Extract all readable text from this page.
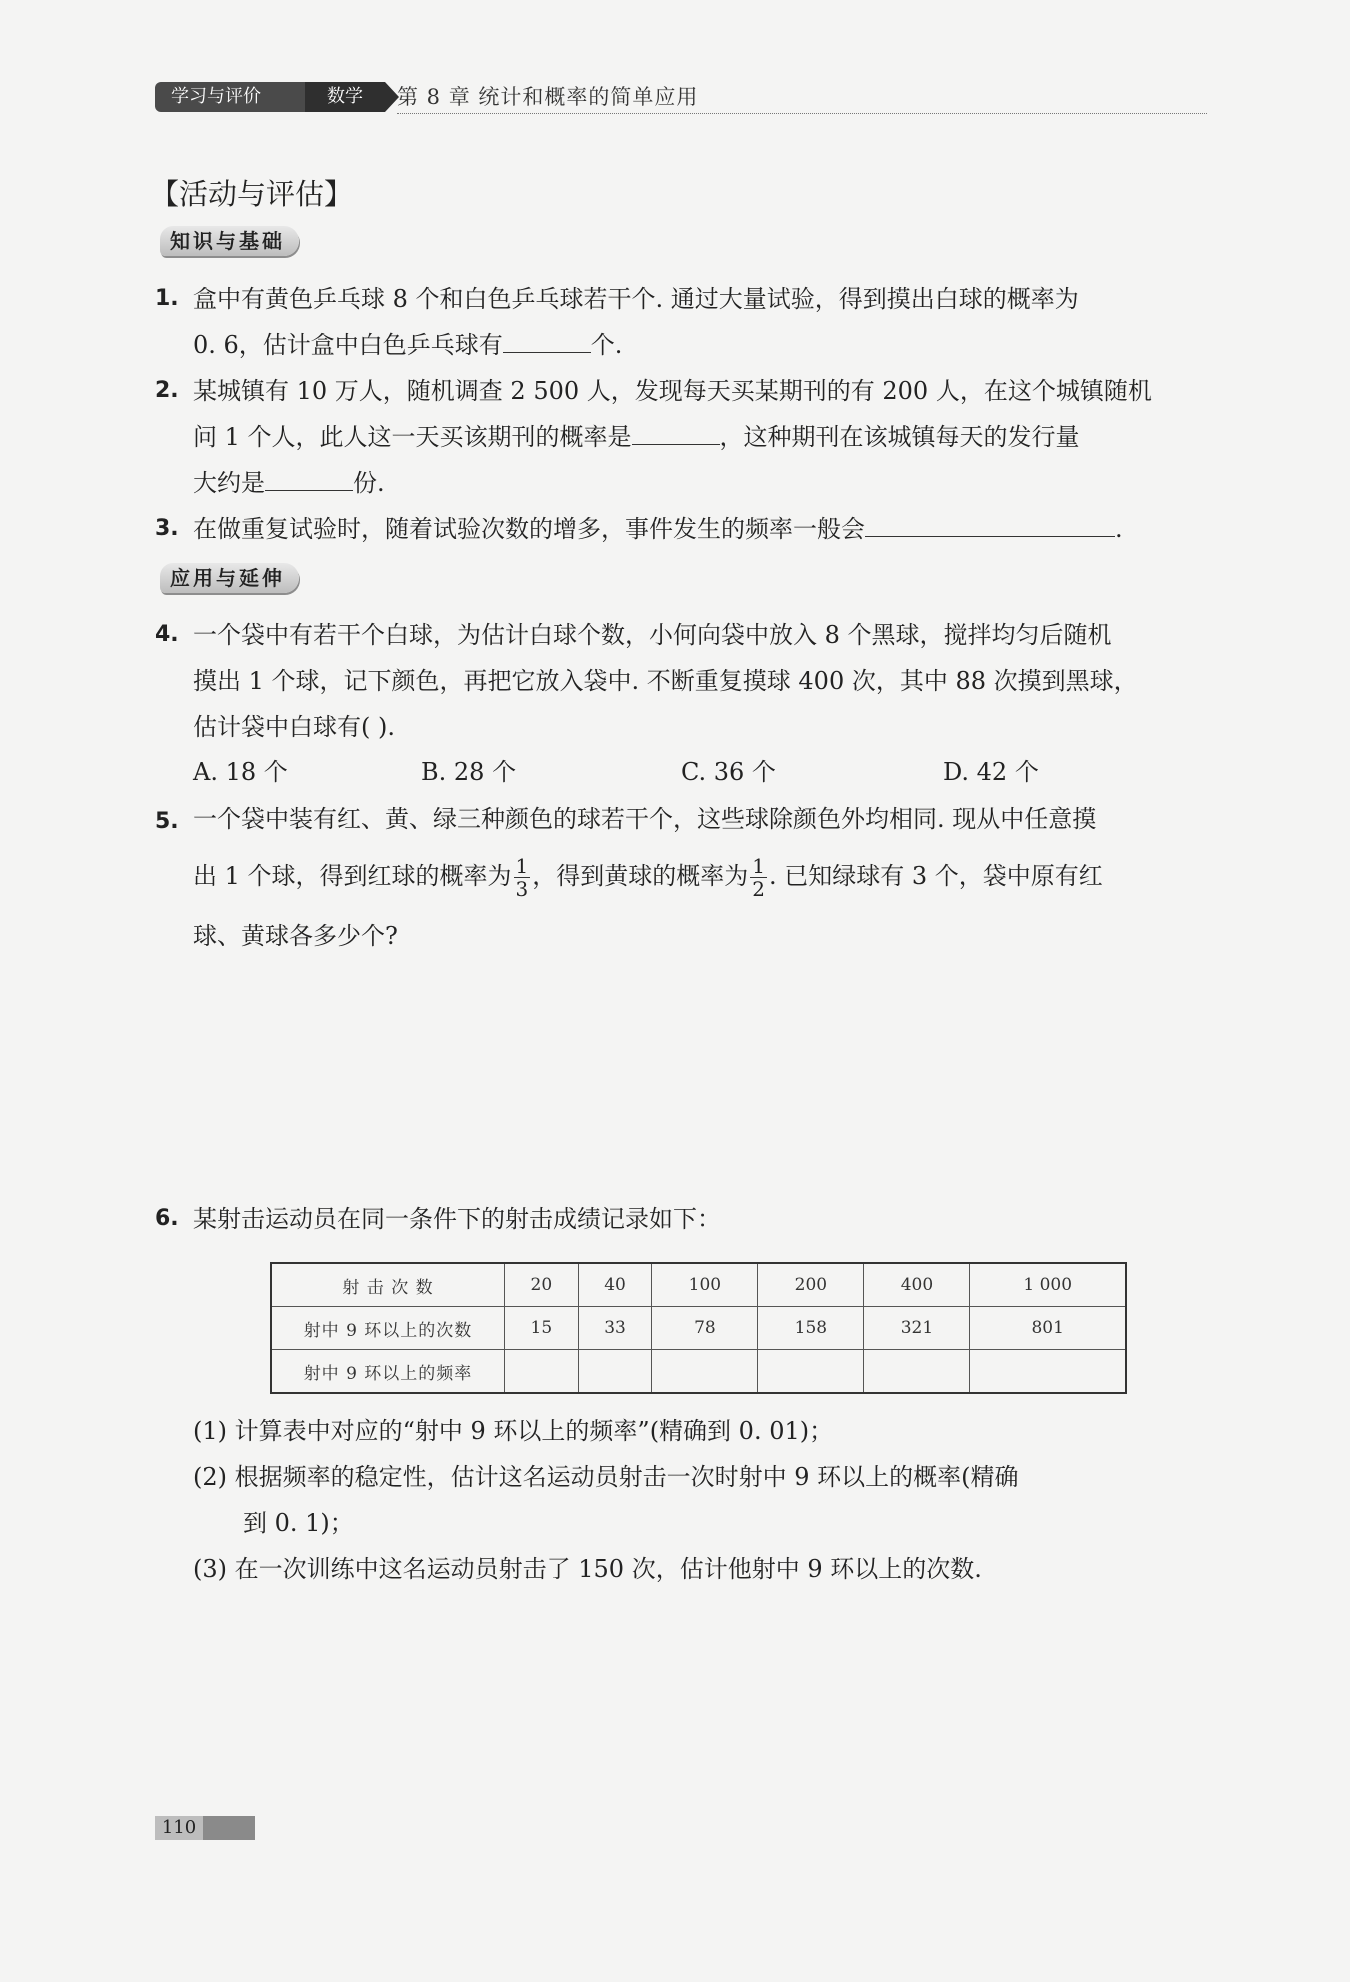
学习与评价	数学	第 8 章 统计和概率的简单应用
【活动与评估】
知识与基础
1. 盒中有黄色乒乓球 8 个和白色乒乓球若干个. 通过大量试验，得到摸出白球的概率为
0. 6，估计盒中白色乒乓球有	个.
2. 某城镇有 10 万人，随机调查 2 500 人，发现每天买某期刊的有 200 人，在这个城镇随机
问 1 个人，此人这一天买该期刊的概率是	，这种期刊在该城镇每天的发行量
大约是	份.
3. 在做重复试验时，随着试验次数的增多，事件发生的频率一般会	.
应用与延伸
4. 一个袋中有若干个白球，为估计白球个数，小何向袋中放入 8 个黑球，搅拌均匀后随机
摸出 1 个球，记下颜色，再把它放入袋中. 不断重复摸球 400 次，其中 88 次摸到黑球，
估计袋中白球有( ).
A. 18 个	B. 28 个	C. 36 个	D. 42 个
5. 一个袋中装有红、黄、绿三种颜色的球若干个，这些球除颜色外均相同. 现从中任意摸
出 1 个球，得到红球的概率为 $\frac{1}{3}$ ，得到黄球的概率为 $\frac{1}{2}$ . 已知绿球有 3 个，袋中原有红
球、黄球各多少个?
6. 某射击运动员在同一条件下的射击成绩记录如下：
射 击 次 数	20	40	100	200	400	1 000
射中 9 环以上的次数	15	33	78	158	321	801
射中 9 环以上的频率						
(1) 计算表中对应的“射中 9 环以上的频率”(精确到 0. 01)；
(2) 根据频率的稳定性，估计这名运动员射击一次时射中 9 环以上的概率(精确
到 0. 1)；
(3) 在一次训练中这名运动员射击了 150 次，估计他射中 9 环以上的次数.
110
